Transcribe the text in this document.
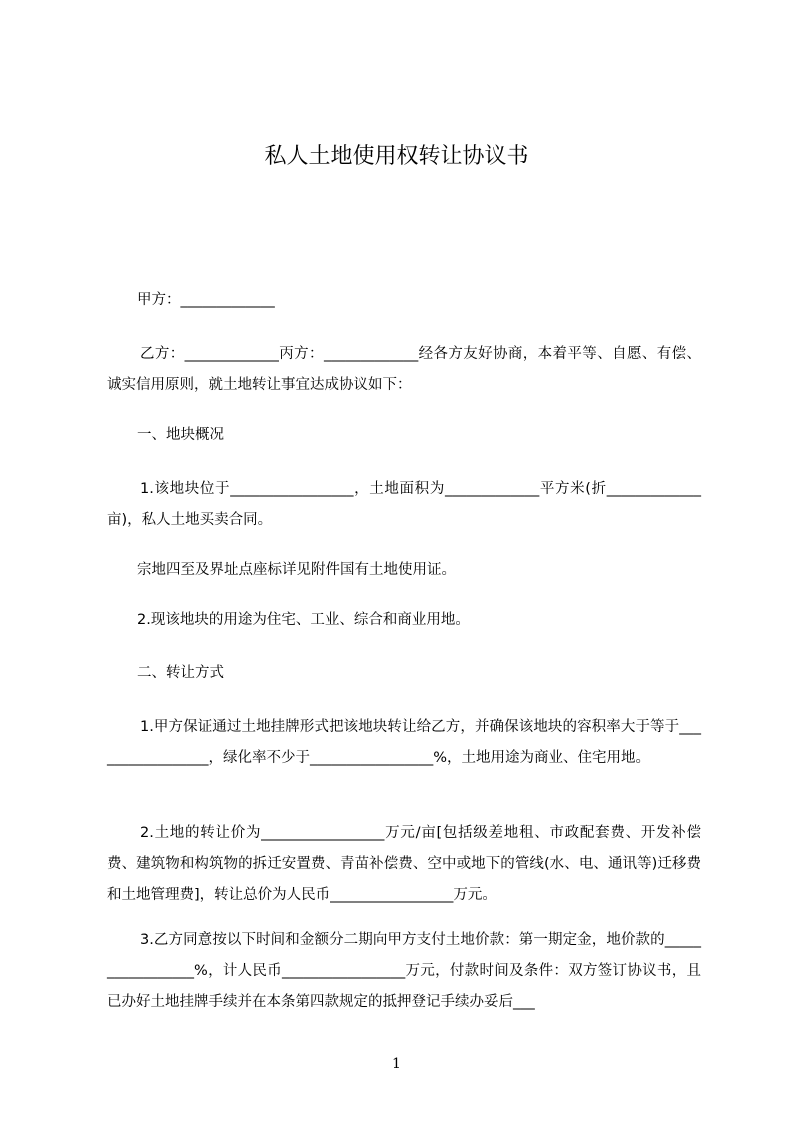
私人土地使用权转让协议书

甲方：_____________

乙方：_____________丙方：_____________经各方友好协商，本着平等、自愿、有偿、诚实信用原则，就土地转让事宜达成协议如下：

一、地块概况

1.该地块位于_________________，土地面积为_____________平方米(折_____________亩)，私人土地买卖合同。

宗地四至及界址点座标详见附件国有土地使用证。

2.现该地块的用途为住宅、工业、综合和商业用地。

二、转让方式

1.甲方保证通过土地挂牌形式把该地块转让给乙方，并确保该地块的容积率大于等于_________________，绿化率不少于_________________%，土地用途为商业、住宅用地。

2.土地的转让价为_________________万元/亩[包括级差地租、市政配套费、开发补偿费、建筑物和构筑物的拆迁安置费、青苗补偿费、空中或地下的管线(水、电、通讯等)迁移费和土地管理费]，转让总价为人民币_________________万元。

3.乙方同意按以下时间和金额分二期向甲方支付土地价款：第一期定金，地价款的_________________%，计人民币_________________万元，付款时间及条件：双方签订协议书，且已办好土地挂牌手续并在本条第四款规定的抵押登记手续办妥后___

1
